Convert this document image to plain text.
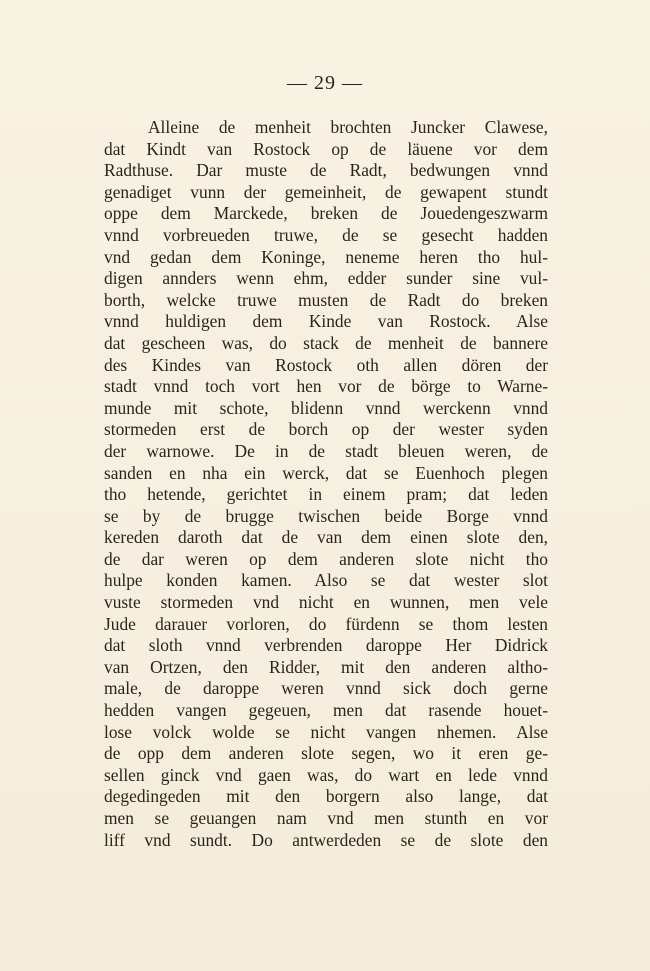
— 29 —
Alleine de menheit brochten Juncker Clawese,
dat Kindt van Rostock op de läuene vor dem
Radthuse. Dar muste de Radt, bedwungen vnnd
genadiget vunn der gemeinheit, de gewapent stundt
oppe dem Marckede, breken de Jouedengeszwarm
vnnd vorbreueden truwe, de se gesecht hadden
vnd gedan dem Koninge, neneme heren tho hul-
digen annders wenn ehm, edder sunder sine vul-
borth, welcke truwe musten de Radt do breken
vnnd huldigen dem Kinde van Rostock. Alse
dat gescheen was, do stack de menheit de bannere
des Kindes van Rostock oth allen dören der
stadt vnnd toch vort hen vor de börge to Warne-
munde mit schote, blidenn vnnd werckenn vnnd
stormeden erst de borch op der wester syden
der warnowe. De in de stadt bleuen weren, de
sanden en nha ein werck, dat se Euenhoch plegen
tho hetende, gerichtet in einem pram; dat leden
se by de brugge twischen beide Borge vnnd
kereden daroth dat de van dem einen slote den,
de dar weren op dem anderen slote nicht tho
hulpe konden kamen. Also se dat wester slot
vuste stormeden vnd nicht en wunnen, men vele
Jude darauer vorloren, do fürdenn se thom lesten
dat sloth vnnd verbrenden daroppe Her Didrick
van Ortzen, den Ridder, mit den anderen altho-
male, de daroppe weren vnnd sick doch gerne
hedden vangen gegeuen, men dat rasende houet-
lose volck wolde se nicht vangen nhemen. Alse
de opp dem anderen slote segen, wo it eren ge-
sellen ginck vnd gaen was, do wart en lede vnnd
degedingeden mit den borgern also lange, dat
men se geuangen nam vnd men stunth en vor
liff vnd sundt. Do antwerdeden se de slote den
